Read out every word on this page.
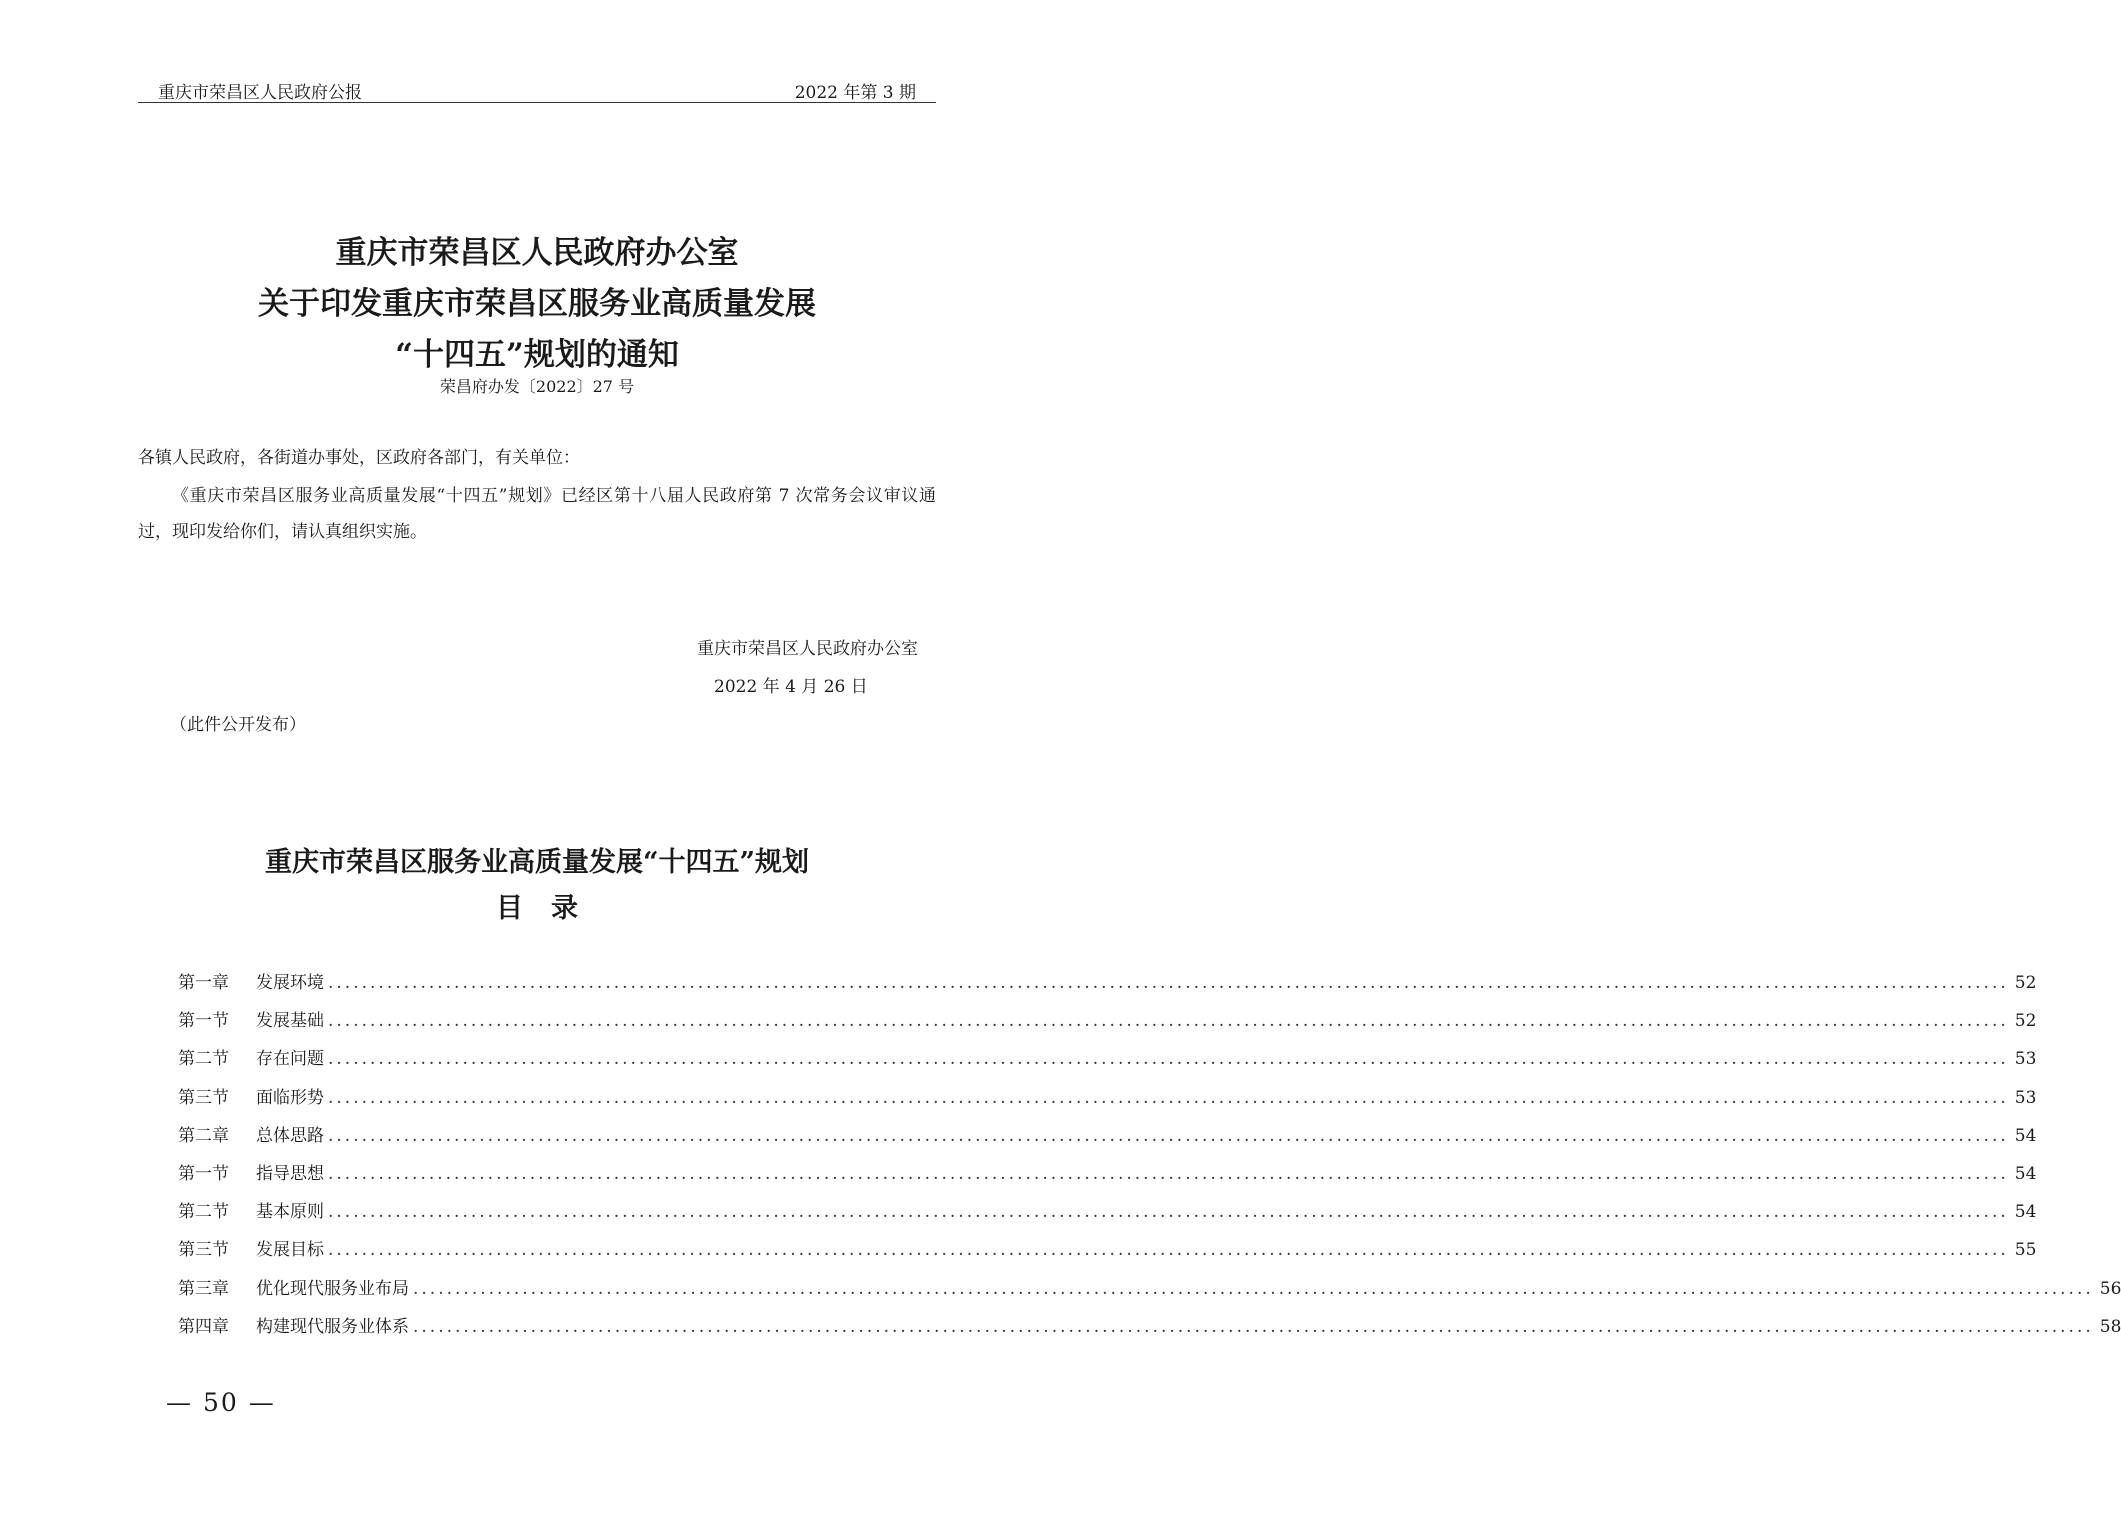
重庆市荣昌区人民政府公报	2022 年第 3 期
重庆市荣昌区人民政府办公室
关于印发重庆市荣昌区服务业高质量发展
“十四五”规划的通知
荣昌府办发〔2022〕27 号
各镇人民政府，各街道办事处，区政府各部门，有关单位：
《重庆市荣昌区服务业高质量发展“十四五”规划》已经区第十八届人民政府第 7 次常务会议审议通过，现印发给你们，请认真组织实施。
重庆市荣昌区人民政府办公室
2022 年 4 月 26 日
（此件公开发布）
重庆市荣昌区服务业高质量发展“十四五”规划
目录
第一章	发展环境 ........................................................................................................................................................................................................ 52
第一节	发展基础 ........................................................................................................................................................................................................ 52
第二节	存在问题 ........................................................................................................................................................................................................ 53
第三节	面临形势 ........................................................................................................................................................................................................ 53
第二章	总体思路 ........................................................................................................................................................................................................ 54
第一节	指导思想 ........................................................................................................................................................................................................ 54
第二节	基本原则 ........................................................................................................................................................................................................ 54
第三节	发展目标 ........................................................................................................................................................................................................ 55
第三章	优化现代服务业布局 ........................................................................................................................................................................................................ 56
第四章	构建现代服务业体系 ........................................................................................................................................................................................................ 58
— 50 —
